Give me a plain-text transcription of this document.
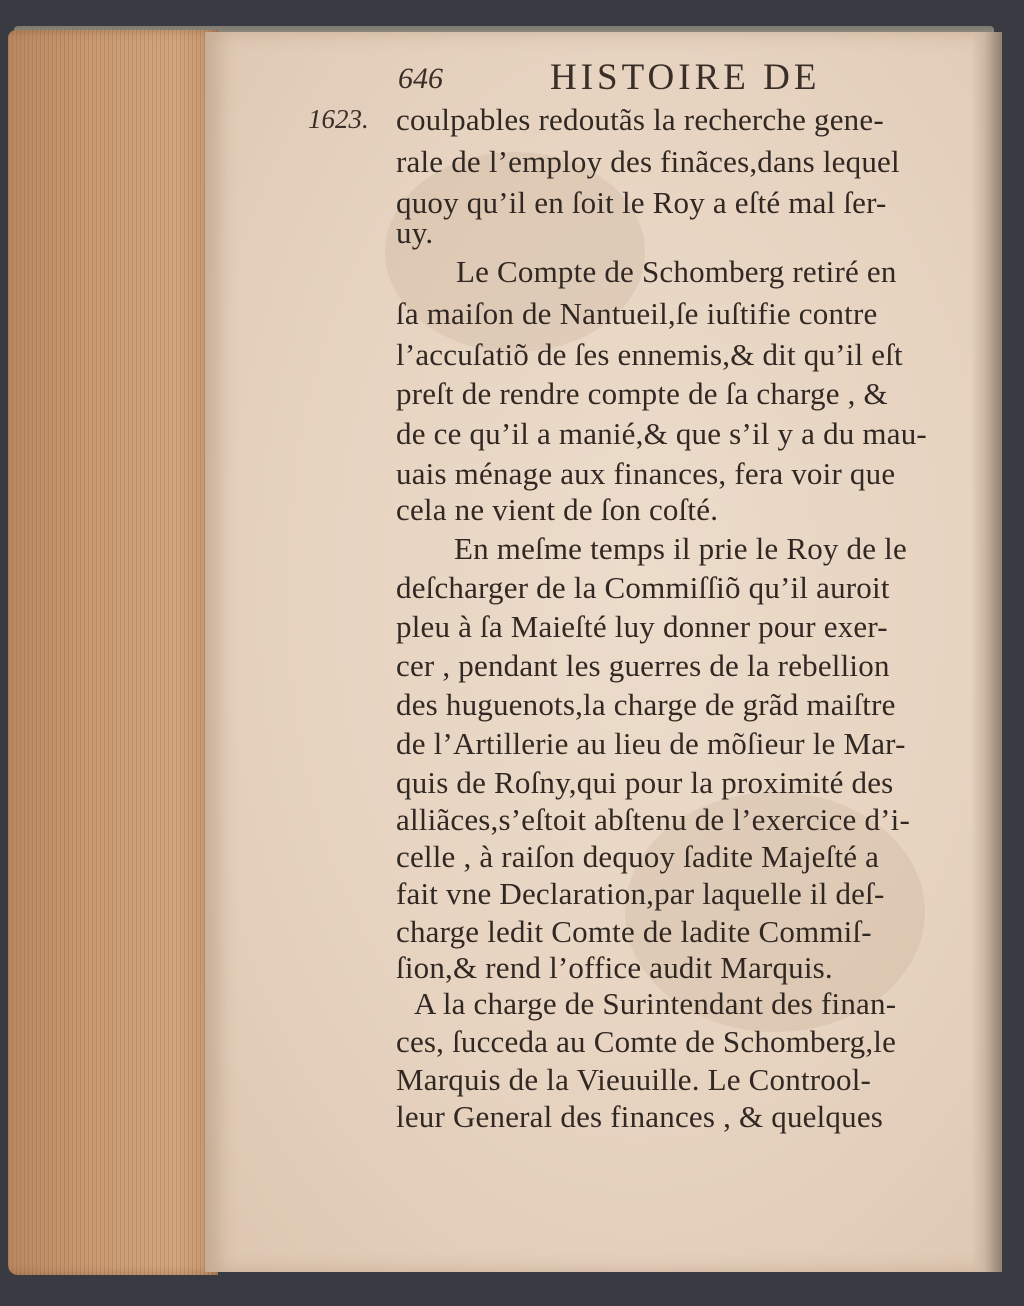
646	HISTOIRE DE
1623. coulpables redoutãs la recherche gene-
rale de l’employ des finãces,dans lequel
quoy qu’il en ſoit le Roy a eſté mal ſer-
uy.
Le Compte de Schomberg retiré en
ſa maiſon de Nantueil,ſe iuſtifie contre
l’accuſatiõ de ſes ennemis,& dit qu’il eſt
preſt de rendre compte de ſa charge , &
de ce qu’il a manié,& que s’il y a du mau-
uais ménage aux finances, fera voir que
cela ne vient de ſon coſté.
En meſme temps il prie le Roy de le
deſcharger de la Commiſſiõ qu’il auroit
pleu à ſa Maieſté luy donner pour exer-
cer , pendant les guerres de la rebellion
des huguenots,la charge de grãd maiſtre
de l’Artillerie au lieu de mõſieur le Mar-
quis de Roſny,qui pour la proximité des
alliãces,s’eſtoit abſtenu de l’exercice d’i-
celle , à raiſon dequoy ſadite Majeſté a
fait vne Declaration,par laquelle il deſ-
charge ledit Comte de ladite Commiſ-
ſion,& rend l’office audit Marquis.
A la charge de Surintendant des finan-
ces, ſucceda au Comte de Schomberg,le
Marquis de la Vieuuille. Le Controol-
leur General des finances , & quelques
